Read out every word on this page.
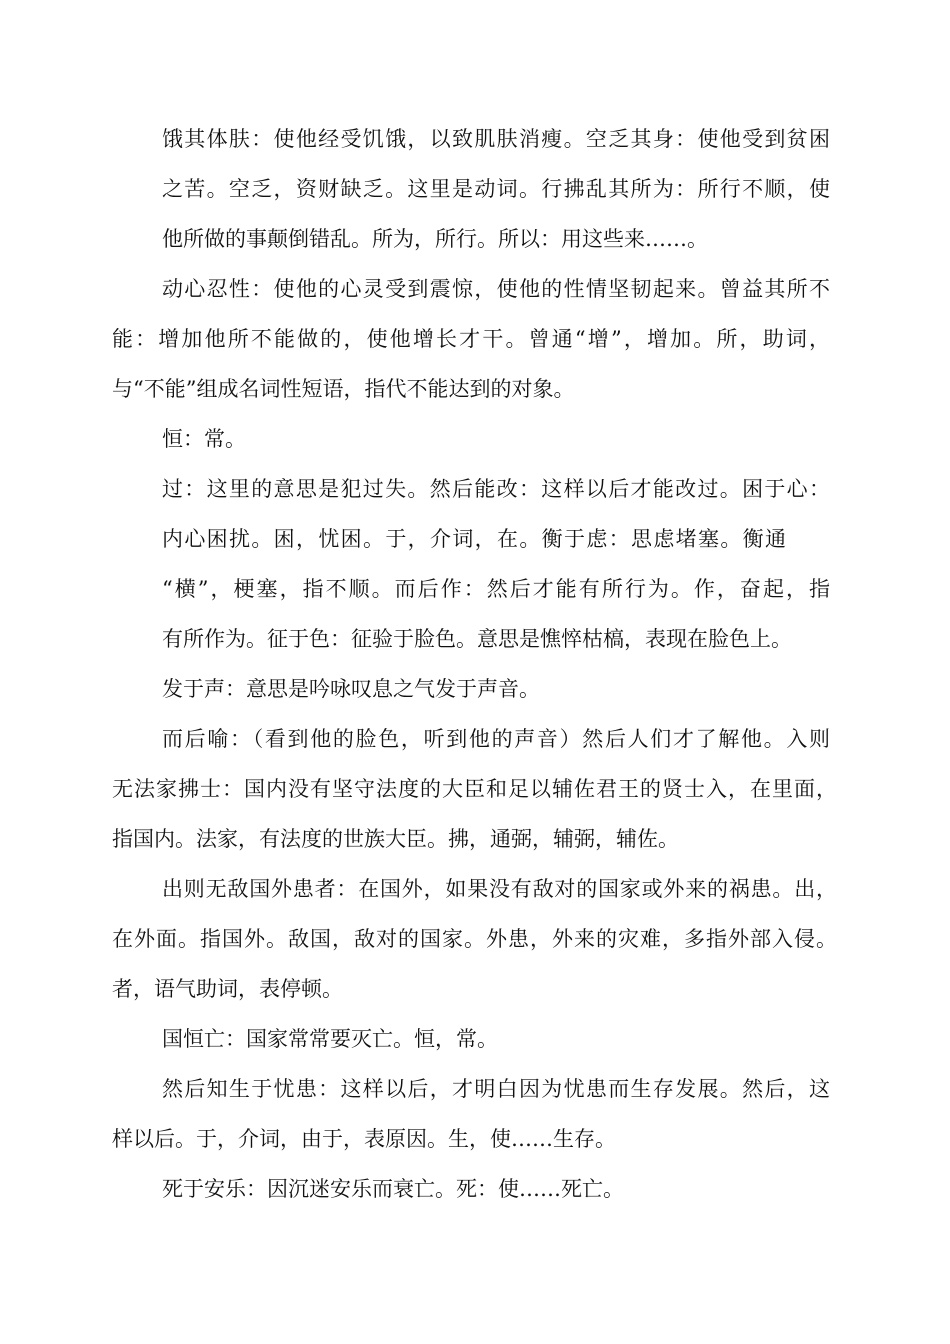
饿其体肤：使他经受饥饿，以致肌肤消瘦。空乏其身：使他受到贫困

之苦。空乏，资财缺乏。这里是动词。行拂乱其所为：所行不顺，使

他所做的事颠倒错乱。所为，所行。所以：用这些来……。

动心忍性：使他的心灵受到震惊，使他的性情坚韧起来。曾益其所不

能：增加他所不能做的，使他增长才干。曾通“增”，增加。所，助词，

与“不能”组成名词性短语，指代不能达到的对象。

恒：常。

过：这里的意思是犯过失。然后能改：这样以后才能改过。困于心：

内心困扰。困，忧困。于，介词，在。衡于虑：思虑堵塞。衡通

“横”，梗塞，指不顺。而后作：然后才能有所行为。作，奋起，指

有所作为。征于色：征验于脸色。意思是憔悴枯槁，表现在脸色上。

发于声：意思是吟咏叹息之气发于声音。

而后喻：（看到他的脸色，听到他的声音）然后人们才了解他。入则

无法家拂士：国内没有坚守法度的大臣和足以辅佐君王的贤士入，在里面，

指国内。法家，有法度的世族大臣。拂，通弼，辅弼，辅佐。

出则无敌国外患者：在国外，如果没有敌对的国家或外来的祸患。出，

在外面。指国外。敌国，敌对的国家。外患，外来的灾难，多指外部入侵。

者，语气助词，表停顿。

国恒亡：国家常常要灭亡。恒，常。

然后知生于忧患：这样以后，才明白因为忧患而生存发展。然后，这

样以后。于，介词，由于，表原因。生，使……生存。

死于安乐：因沉迷安乐而衰亡。死：使……死亡。
